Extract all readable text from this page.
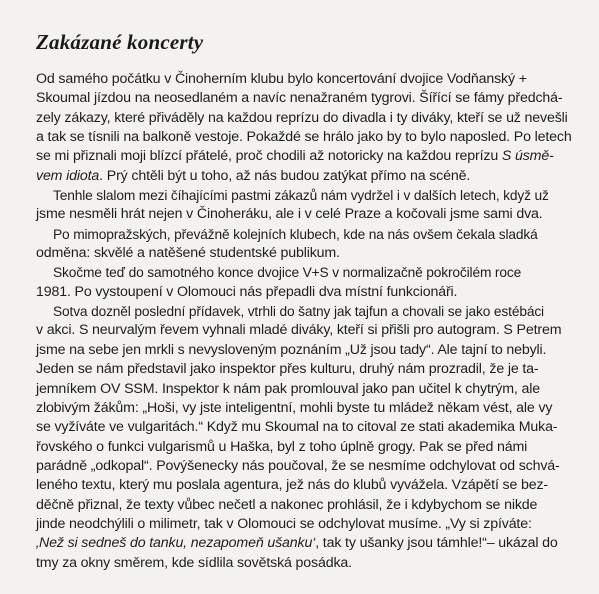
Zakázané koncerty
Od samého počátku v Činoherním klubu bylo koncertování dvojice Vodňanský +
Skoumal jízdou na neosedlaném a navíc nenažraném tygrovi. Šířící se fámy předchá-
zely zákazy, které přiváděly na každou reprízu do divadla i ty diváky, kteří se už nevešli
a tak se tísnili na balkoně vestoje. Pokaždé se hrálo jako by to bylo naposled. Po letech
se mi přiznali moji blízcí přátelé, proč chodili až notoricky na každou reprízu S úsmě-
vem idiota. Prý chtěli být u toho, až nás budou zatýkat přímo na scéně.
Tenhle slalom mezi číhajícími pastmi zákazů nám vydržel i v dalších letech, když už
jsme nesměli hrát nejen v Činoheráku, ale i v celé Praze a kočovali jsme sami dva.
Po mimopražských, převážně kolejních klubech, kde na nás ovšem čekala sladká
odměna: skvělé a natěšené studentské publikum.
Skočme teď do samotného konce dvojice V+S v normalizačně pokročilém roce
1981. Po vystoupení v Olomouci nás přepadli dva místní funkcionáři.
Sotva dozněl poslední přídavek, vtrhli do šatny jak tajfun a chovali se jako estébáci
v akci. S neurvalým řevem vyhnali mladé diváky, kteří si přišli pro autogram. S Petrem
jsme na sebe jen mrkli s nevysloveným poznáním „Už jsou tady“. Ale tajní to nebyli.
Jeden se nám představil jako inspektor přes kulturu, druhý nám prozradil, že je ta-
jemníkem OV SSM. Inspektor k nám pak promlouval jako pan učitel k chytrým, ale
zlobivým žákům: „Hoši, vy jste inteligentní, mohli byste tu mládež někam vést, ale vy
se vyžíváte ve vulgaritách.“ Když mu Skoumal na to citoval ze stati akademika Muka-
řovského o funkci vulgarismů u Haška, byl z toho úplně grogy. Pak se před námi
parádně „odkopal“. Povýšenecky nás poučoval, že se nesmíme odchylovat od schvá-
leného textu, který mu poslala agentura, jež nás do klubů vyvážela. Vzápětí se bez-
děčně přiznal, že texty vůbec nečetl a nakonec prohlásil, že i kdybychom se nikde
jinde neodchýlili o milimetr, tak v Olomouci se odchylovat musíme. „Vy si zpíváte:
‚Než si sedneš do tanku, nezapomeň ušanku‘, tak ty ušanky jsou támhle!“– ukázal do
tmy za okny směrem, kde sídlila sovětská posádka.
